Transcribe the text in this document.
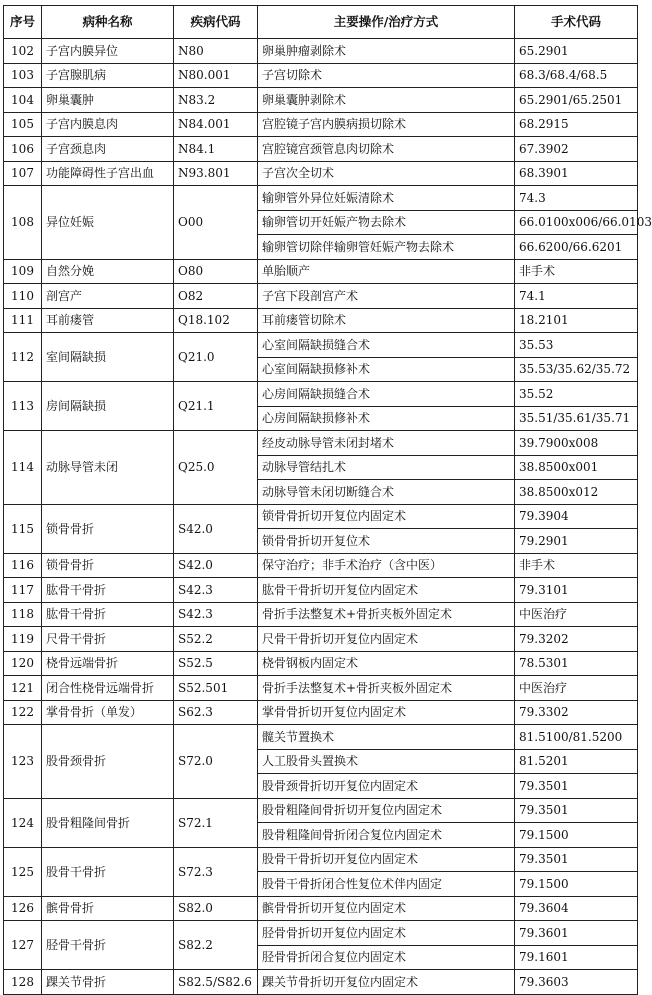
序号	病种名称	疾病代码	主要操作/治疗方式	手术代码
102	子宫内膜异位	N80	卵巢肿瘤剥除术	65.2901
103	子宫腺肌病	N80.001	子宫切除术	68.3/68.4/68.5
104	卵巢囊肿	N83.2	卵巢囊肿剥除术	65.2901/65.2501
105	子宫内膜息肉	N84.001	宫腔镜子宫内膜病损切除术	68.2915
106	子宫颈息肉	N84.1	宫腔镜宫颈管息肉切除术	67.3902
107	功能障碍性子宫出血	N93.801	子宫次全切术	68.3901
108	异位妊娠	O00	输卵管外异位妊娠清除术	74.3
			输卵管切开妊娠产物去除术	66.0100x006/66.0103
			输卵管切除伴输卵管妊娠产物去除术	66.6200/66.6201
109	自然分娩	O80	单胎顺产	非手术
110	剖宫产	O82	子宫下段剖宫产术	74.1
111	耳前瘘管	Q18.102	耳前瘘管切除术	18.2101
112	室间隔缺损	Q21.0	心室间隔缺损缝合术	35.53
			心室间隔缺损修补术	35.53/35.62/35.72
113	房间隔缺损	Q21.1	心房间隔缺损缝合术	35.52
			心房间隔缺损修补术	35.51/35.61/35.71
114	动脉导管未闭	Q25.0	经皮动脉导管未闭封堵术	39.7900x008
			动脉导管结扎术	38.8500x001
			动脉导管未闭切断缝合术	38.8500x012
115	锁骨骨折	S42.0	锁骨骨折切开复位内固定术	79.3904
			锁骨骨折切开复位术	79.2901
116	锁骨骨折	S42.0	保守治疗；非手术治疗（含中医）	非手术
117	肱骨干骨折	S42.3	肱骨干骨折切开复位内固定术	79.3101
118	肱骨干骨折	S42.3	骨折手法整复术+骨折夹板外固定术	中医治疗
119	尺骨干骨折	S52.2	尺骨干骨折切开复位内固定术	79.3202
120	桡骨远端骨折	S52.5	桡骨钢板内固定术	78.5301
121	闭合性桡骨远端骨折	S52.501	骨折手法整复术+骨折夹板外固定术	中医治疗
122	掌骨骨折（单发）	S62.3	掌骨骨折切开复位内固定术	79.3302
123	股骨颈骨折	S72.0	髋关节置换术	81.5100/81.5200
			人工股骨头置换术	81.5201
			股骨颈骨折切开复位内固定术	79.3501
124	股骨粗隆间骨折	S72.1	股骨粗隆间骨折切开复位内固定术	79.3501
			股骨粗隆间骨折闭合复位内固定术	79.1500
125	股骨干骨折	S72.3	股骨干骨折切开复位内固定术	79.3501
			股骨干骨折闭合性复位术伴内固定	79.1500
126	髌骨骨折	S82.0	髌骨骨折切开复位内固定术	79.3604
127	胫骨干骨折	S82.2	胫骨骨折切开复位内固定术	79.3601
			胫骨骨折闭合复位内固定术	79.1601
128	踝关节骨折	S82.5/S82.6	踝关节骨折切开复位内固定术	79.3603
